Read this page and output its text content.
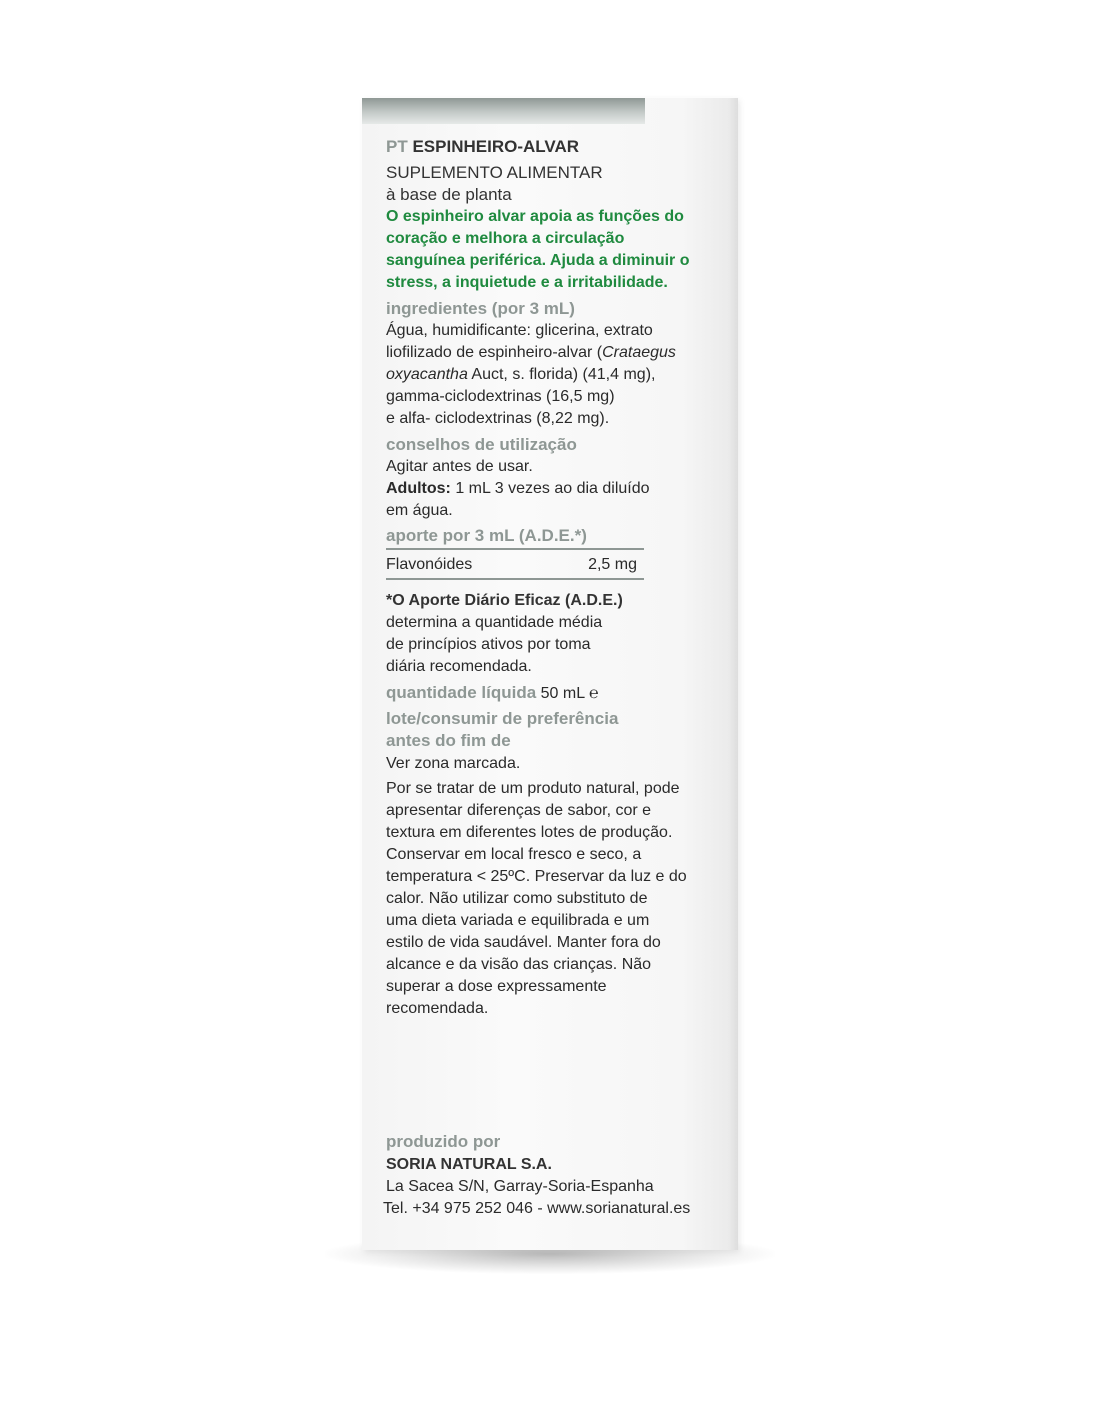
PT ESPINHEIRO-ALVAR
SUPLEMENTO ALIMENTAR
à base de planta
O espinheiro alvar apoia as funções do
coração e melhora a circulação
sanguínea periférica. Ajuda a diminuir o
stress, a inquietude e a irritabilidade.
ingredientes (por 3 mL)
Água, humidificante: glicerina, extrato
liofilizado de espinheiro-alvar (Crataegus
oxyacantha Auct, s. florida) (41,4 mg),
gamma-ciclodextrinas (16,5 mg)
e alfa- ciclodextrinas (8,22 mg).
conselhos de utilização
Agitar antes de usar.
Adultos: 1 mL 3 vezes ao dia diluído
em água.
aporte por 3 mL (A.D.E.*)
Flavonóides	2,5 mg
*O Aporte Diário Eficaz (A.D.E.)
determina a quantidade média
de princípios ativos por toma
diária recomendada.
quantidade líquida 50 mL ℮
lote/consumir de preferência
antes do fim de
Ver zona marcada.
Por se tratar de um produto natural, pode
apresentar diferenças de sabor, cor e
textura em diferentes lotes de produção.
Conservar em local fresco e seco, a
temperatura < 25ºC. Preservar da luz e do
calor. Não utilizar como substituto de
uma dieta variada e equilibrada e um
estilo de vida saudável. Manter fora do
alcance e da visão das crianças. Não
superar a dose expressamente
recomendada.
produzido por
SORIA NATURAL S.A.
La Sacea S/N, Garray-Soria-Espanha
Tel. +34 975 252 046 - www.sorianatural.es
